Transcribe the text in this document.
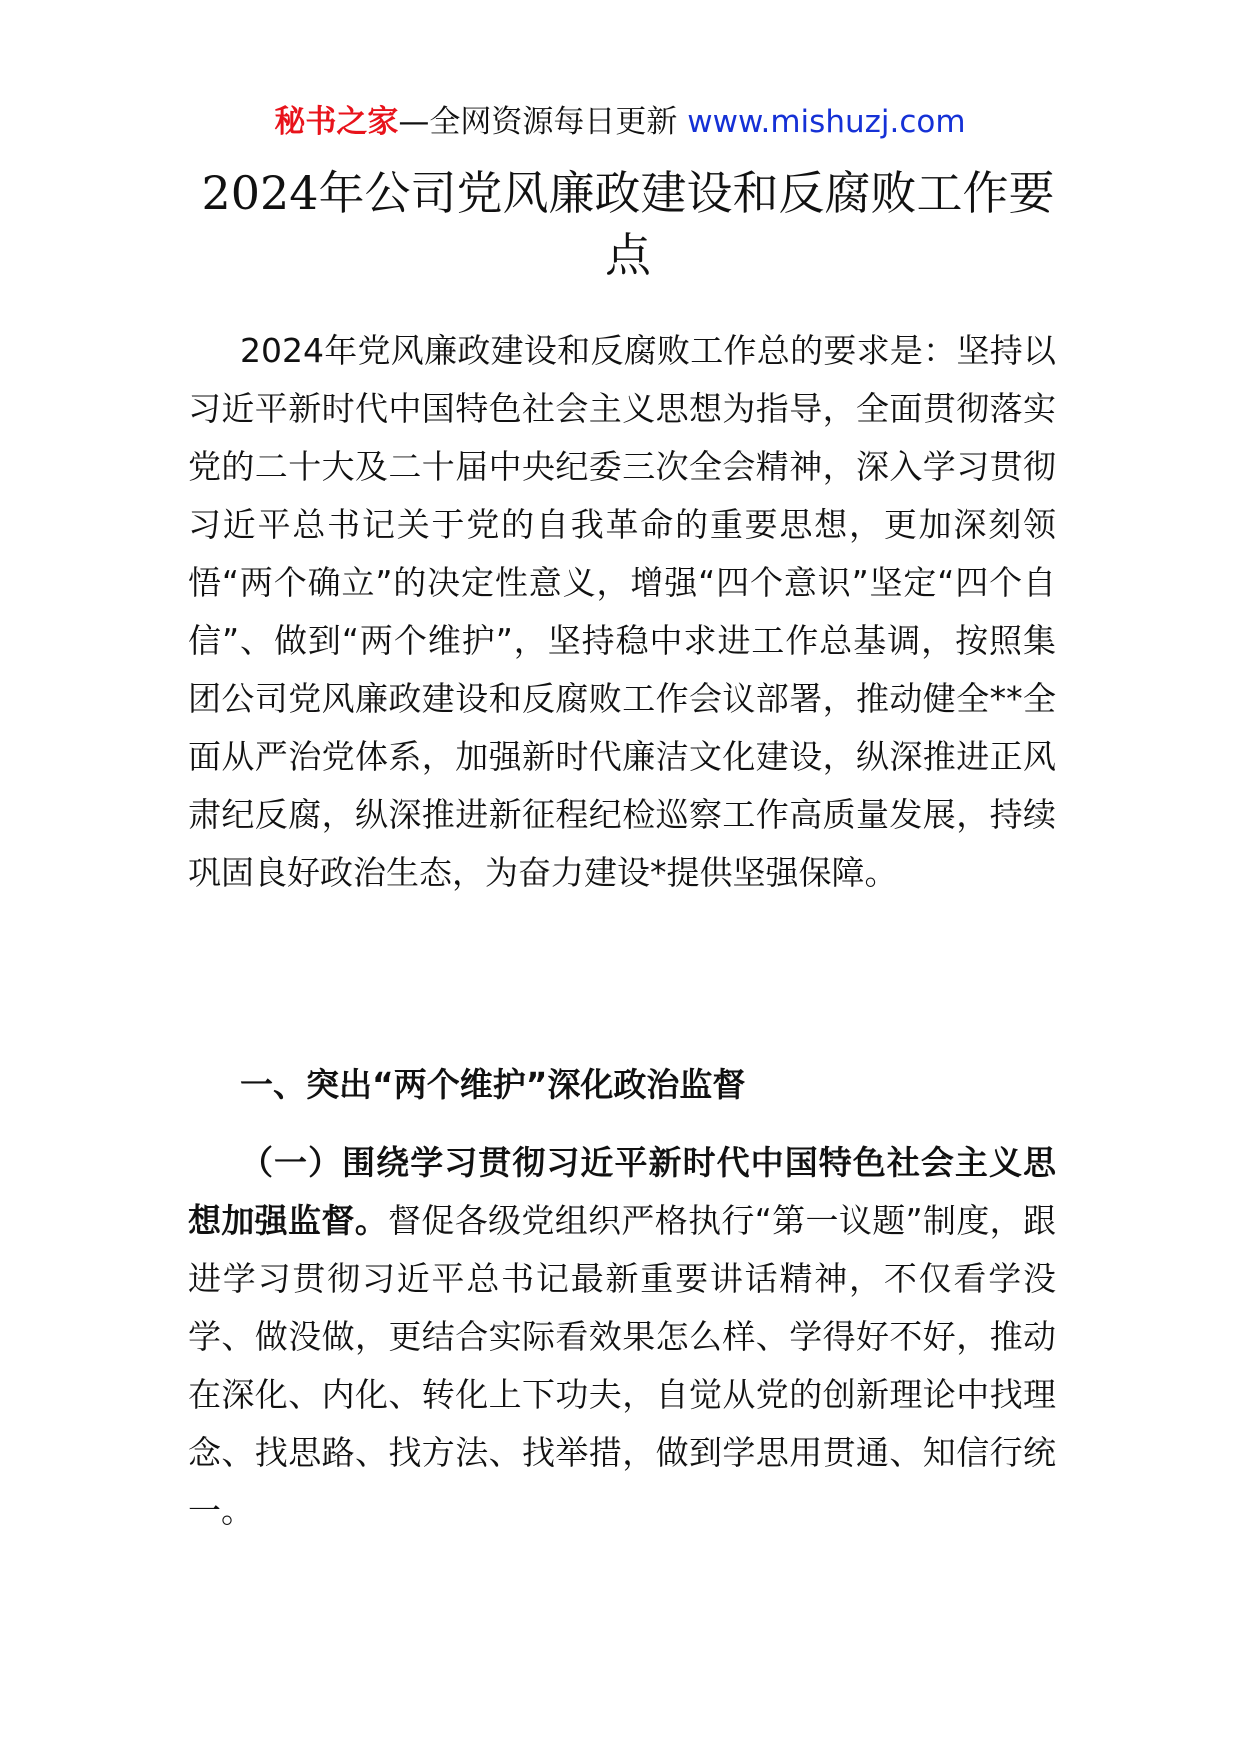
秘书之家—全网资源每日更新 www.mishuzj.com
2024年公司党风廉政建设和反腐败工作要点

2024年党风廉政建设和反腐败工作总的要求是：坚持以习近平新时代中国特色社会主义思想为指导，全面贯彻落实党的二十大及二十届中央纪委三次全会精神，深入学习贯彻习近平总书记关于党的自我革命的重要思想，更加深刻领悟“两个确立”的决定性意义，增强“四个意识”坚定“四个自信”、做到“两个维护”，坚持稳中求进工作总基调，按照集团公司党风廉政建设和反腐败工作会议部署，推动健全**全面从严治党体系，加强新时代廉洁文化建设，纵深推进正风肃纪反腐，纵深推进新征程纪检巡察工作高质量发展，持续巩固良好政治生态，为奋力建设*提供坚强保障。

一、突出“两个维护”深化政治监督

（一）围绕学习贯彻习近平新时代中国特色社会主义思想加强监督。督促各级党组织严格执行“第一议题”制度，跟进学习贯彻习近平总书记最新重要讲话精神，不仅看学没学、做没做，更结合实际看效果怎么样、学得好不好，推动在深化、内化、转化上下功夫，自觉从党的创新理论中找理念、找思路、找方法、找举措，做到学思用贯通、知信行统一。
